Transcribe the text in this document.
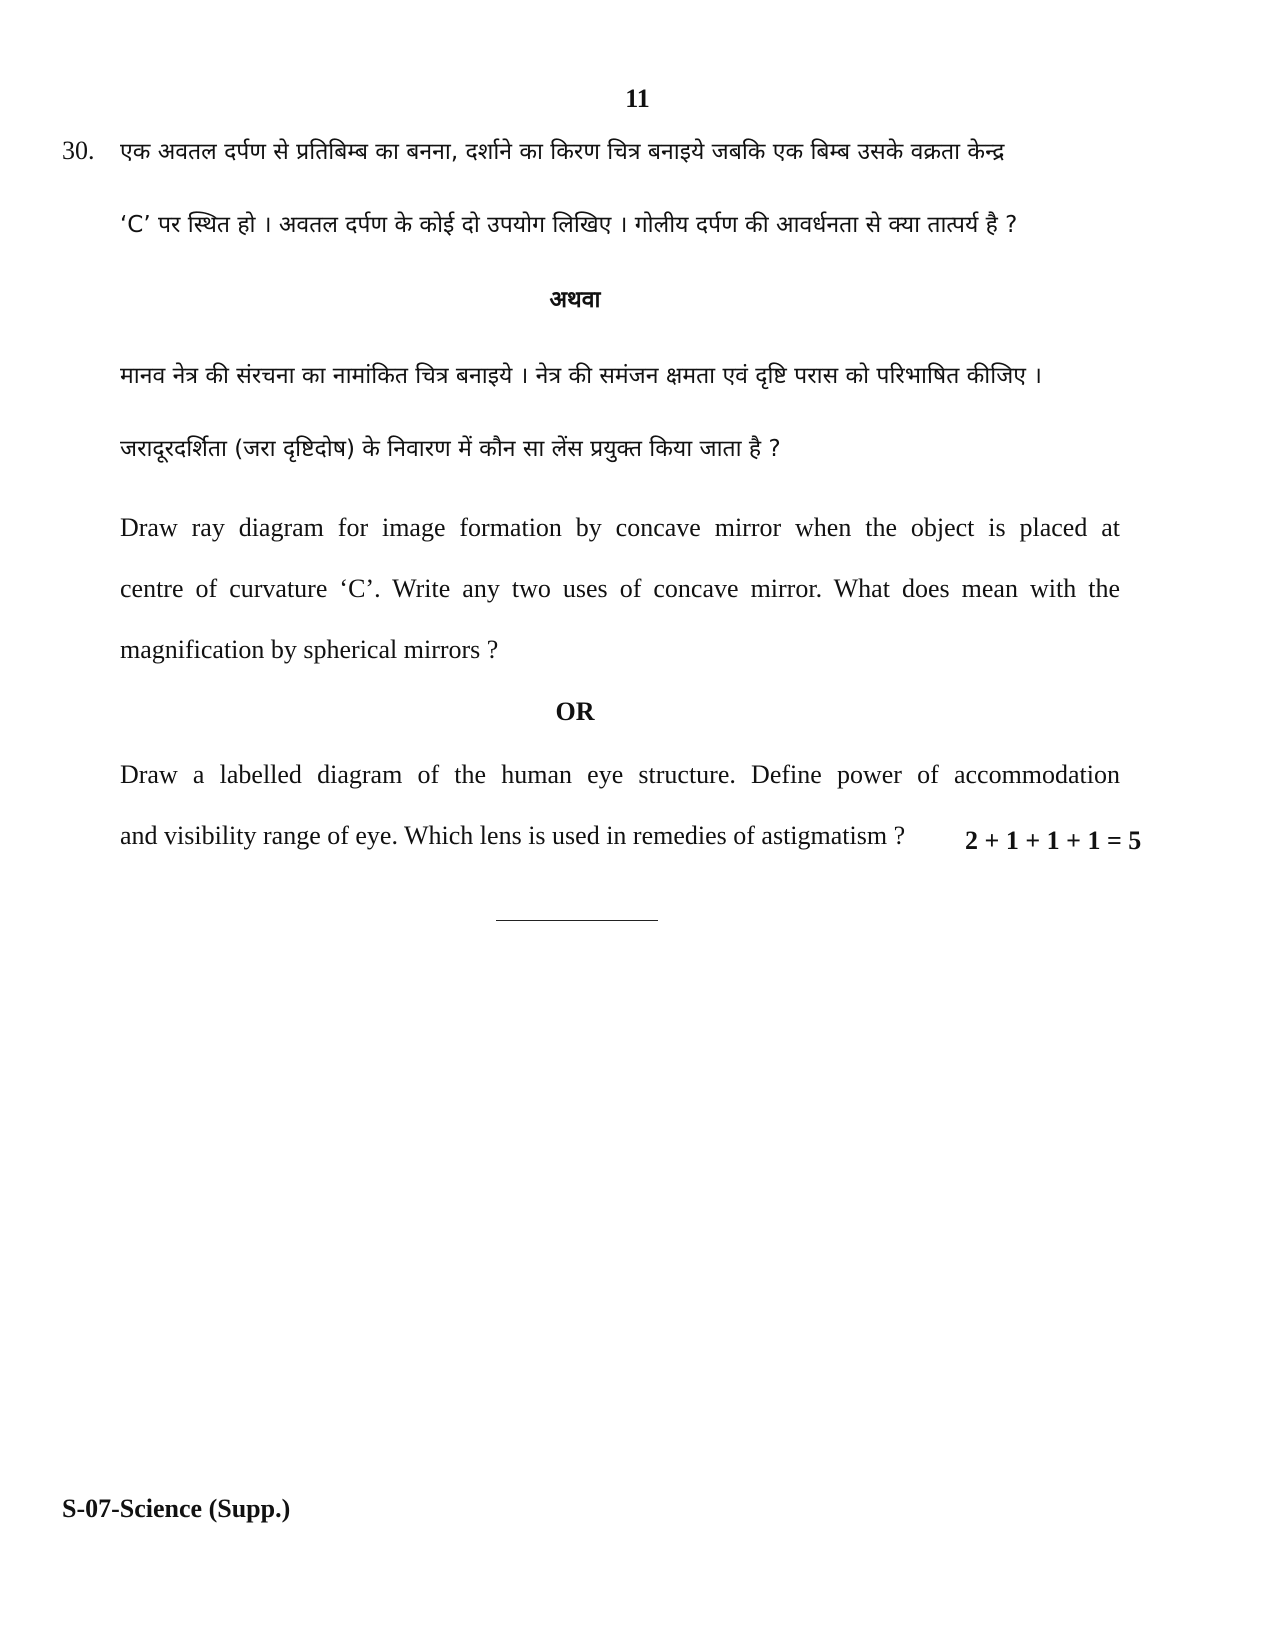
11
30. एक अवतल दर्पण से प्रतिबिम्ब का बनना, दर्शाने का किरण चित्र बनाइये जबकि एक बिम्ब उसके वक्रता केन्द्र
‘C’ पर स्थित हो । अवतल दर्पण के कोई दो उपयोग लिखिए । गोलीय दर्पण की आवर्धनता से क्या तात्पर्य है ?
अथवा
मानव नेत्र की संरचना का नामांकित चित्र बनाइये । नेत्र की समंजन क्षमता एवं दृष्टि परास को परिभाषित कीजिए ।
जरादूरदर्शिता (जरा दृष्टिदोष) के निवारण में कौन सा लेंस प्रयुक्त किया जाता है ?
Draw ray diagram for image formation by concave mirror when the object is placed at
centre of curvature ‘C’. Write any two uses of concave mirror. What does mean with the
magnification by spherical mirrors ?
OR
Draw a labelled diagram of the human eye structure. Define power of accommodation
and visibility range of eye. Which lens is used in remedies of astigmatism ?	2 + 1 + 1 + 1 = 5
S-07-Science (Supp.)
